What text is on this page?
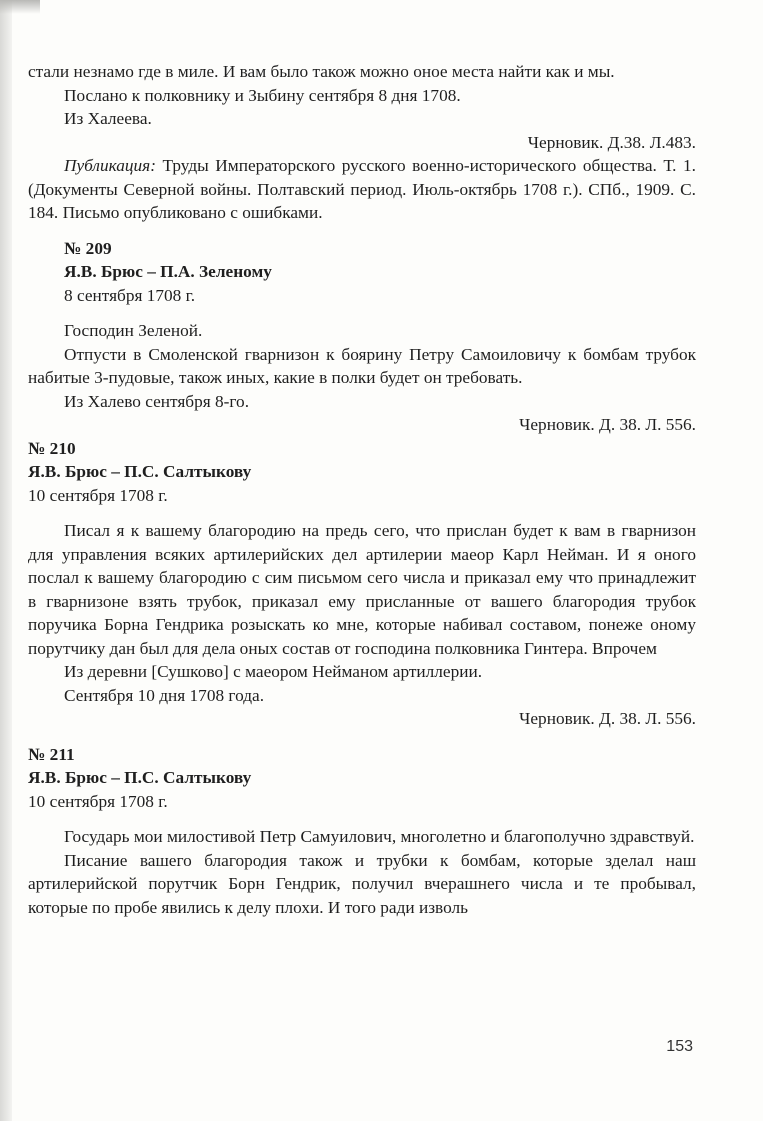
стали незнамо где в миле. И вам было також можно оное места найти как и мы.

Послано к полковнику и Зыбину сентября 8 дня 1708.

Из Халеева.

Черновик. Д.38. Л.483.

Публикация: Труды Императорского русского военно-исторического общества. Т. 1. (Документы Северной войны. Полтавский период. Июль-октябрь 1708 г.). СПб., 1909. С. 184. Письмо опубликовано с ошибками.

№ 209

Я.В. Брюс – П.А. Зеленому

8 сентября 1708 г.

Господин Зеленой.

Отпусти в Смоленской гварнизон к боярину Петру Самоиловичу к бомбам трубок набитые 3-пудовые, також иных, какие в полки будет он требовать.

Из Халево сентября 8-го.

Черновик. Д. 38. Л. 556.

№ 210

Я.В. Брюс – П.С. Салтыкову

10 сентября 1708 г.

Писал я к вашему благородию на предь сего, что прислан будет к вам в гварнизон для управления всяких артилерийских дел артилерии маеор Карл Нейман. И я оного послал к вашему благородию с сим письмом сего числа и приказал ему что принадлежит в гварнизоне взять трубок, приказал ему присланные от вашего благородия трубок поручика Борна Гендрика розыскать ко мне, которые набивал составом, понеже оному порутчику дан был для дела оных состав от господина полковника Гинтера. Впрочем

Из деревни [Сушково] с маеором Нейманом артиллерии.

Сентября 10 дня 1708 года.

Черновик. Д. 38. Л. 556.

№ 211

Я.В. Брюс – П.С. Салтыкову

10 сентября 1708 г.

Государь мои милостивой Петр Самуилович, многолетно и благополучно здравствуй.

Писание вашего благородия також и трубки к бомбам, которые зделал наш артилерийской порутчик Борн Гендрик, получил вчерашнего числа и те пробывал, которые по пробе явились к делу плохи. И того ради изволь

153
